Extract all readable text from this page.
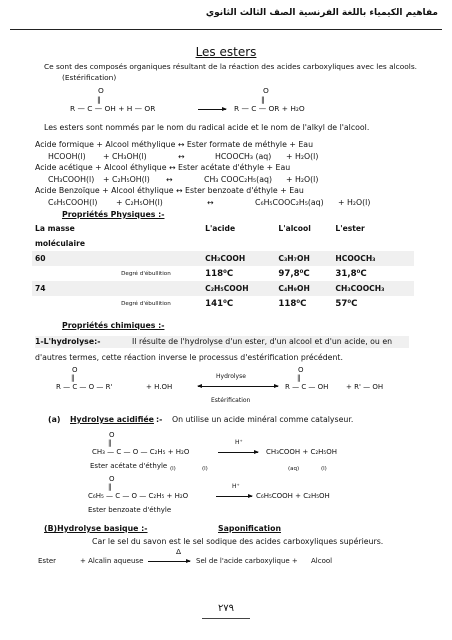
مفاهيم الكيمياء باللغة الفرنسية الصف الثالث الثانوي
Les esters
Ce sont des composés organiques résultant de la réaction des acides carboxyliques avec les alcools.
(Estérification)
O	O
‖	‖
R — C — OH + H — OR	R — C — OR + H₂O
Les esters sont nommés par le nom du radical acide et le nom de l'alkyl de l'alcool.
Acide formique + Alcool méthylique ↔ Ester formate de méthyle + Eau
HCOOH(l) + CH₃OH(l)	↔	HCOOCH₃ (aq) + H₂O(l)
Acide acétique + Alcool éthylique ↔ Ester acétate d'éthyle + Eau
CH₃COOH(l) + C₂H₅OH(l) ↔	CH₃ COOC₂H₅(aq) + H₂O(l)
Acide Benzoïque + Alcool éthylique ↔ Ester benzoate d'éthyle + Eau
C₆H₅COOH(l) + C₂H₅OH(l)	↔	C₆H₅COOC₂H₅(aq) + H₂O(l)
Propriétés Physiques :-
La masse		L'acide	L'alcool	L'ester
moléculaire				
60		CH₃COOH	C₃H₇OH	HCOOCH₃
	Degré d'ébullition	118⁰C	97,8⁰C	31,8⁰C
74		C₂H₅COOH	C₄H₉OH	CH₃COOCH₃
	Degré d'ébullition	141⁰C	118⁰C	57⁰C

Propriétés chimiques :-
1-L'hydrolyse:-	Il résulte de l'hydrolyse d'un ester, d'un alcool et d'un acide, ou en
d'autres termes, cette réaction inverse le processus d'estérification précédent.
O	O
‖	‖
R — C — O — R'	+ H.OH
Hydrolyse
R — C — OH	+ R' — OH
Estérification
(a) Hydrolyse acidifiée :- On utilise un acide minéral comme catalyseur.
O
‖
CH₃ — C — O — C₂H₅ + H₂O
H⁺
CH₃COOH + C₂H₅OH
Ester acétate d'éthyle (l)	(l)	(aq)	(l)
O
‖
C₆H₅ — C — O — C₂H₅ + H₂O
H⁺
C₆H₅COOH + C₂H₅OH
Ester benzoate d'éthyle
(B)Hydrolyse basique :-	Saponification
Car le sel du savon est le sel sodique des acides carboxyliques supérieurs.
Δ
Ester	+ Alcalin aqueuse	Sel de l'acide carboxylique + Alcool
٢٧٩
